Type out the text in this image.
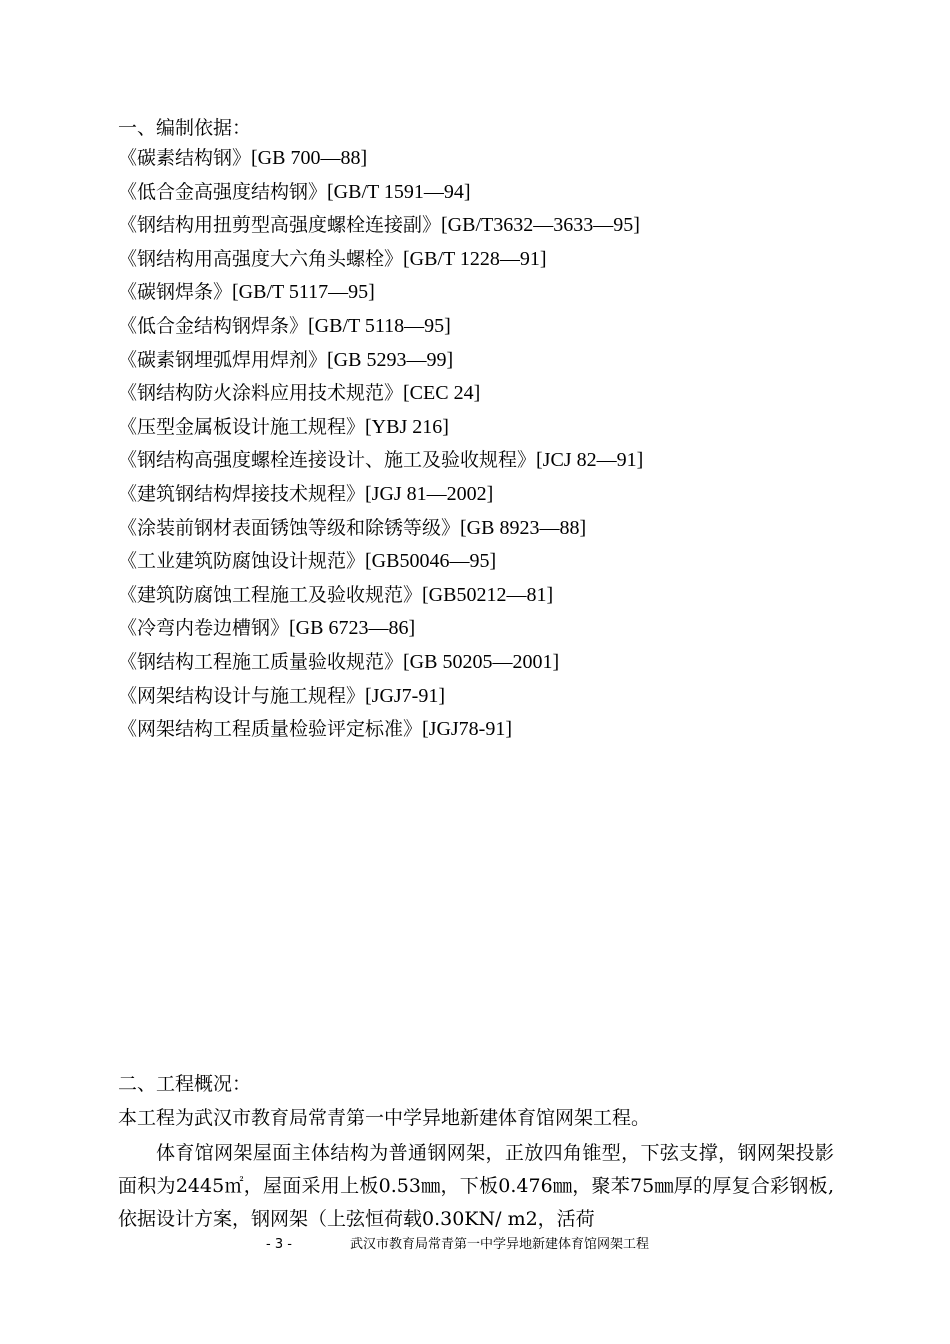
一、编制依据：
《碳素结构钢》[GB 700—88]
《低合金高强度结构钢》[GB/T 1591—94]
《钢结构用扭剪型高强度螺栓连接副》[GB/T3632—3633—95]
《钢结构用高强度大六角头螺栓》[GB/T 1228—91]
《碳钢焊条》[GB/T 5117—95]
《低合金结构钢焊条》[GB/T 5118—95]
《碳素钢埋弧焊用焊剂》[GB 5293—99]
《钢结构防火涂料应用技术规范》[CEC 24]
《压型金属板设计施工规程》[YBJ 216]
《钢结构高强度螺栓连接设计、施工及验收规程》[JCJ 82—91]
《建筑钢结构焊接技术规程》[JGJ 81—2002]
《涂装前钢材表面锈蚀等级和除锈等级》[GB 8923—88]
《工业建筑防腐蚀设计规范》[GB50046—95]
《建筑防腐蚀工程施工及验收规范》[GB50212—81]
《冷弯内卷边槽钢》[GB 6723—86]
《钢结构工程施工质量验收规范》[GB 50205—2001]
《网架结构设计与施工规程》[JGJ7-91]
《网架结构工程质量检验评定标准》[JGJ78-91]
二、工程概况：
本工程为武汉市教育局常青第一中学异地新建体育馆网架工程。
体育馆网架屋面主体结构为普通钢网架，正放四角锥型，下弦支撑，钢网架投影面积为2445㎡，屋面采用上板0.53㎜，下板0.476㎜，聚苯75㎜厚的厚复合彩钢板,依据设计方案，钢网架（上弦恒荷载0.30KN/ m2，活荷
- 3 -	武汉市教育局常青第一中学异地新建体育馆网架工程
